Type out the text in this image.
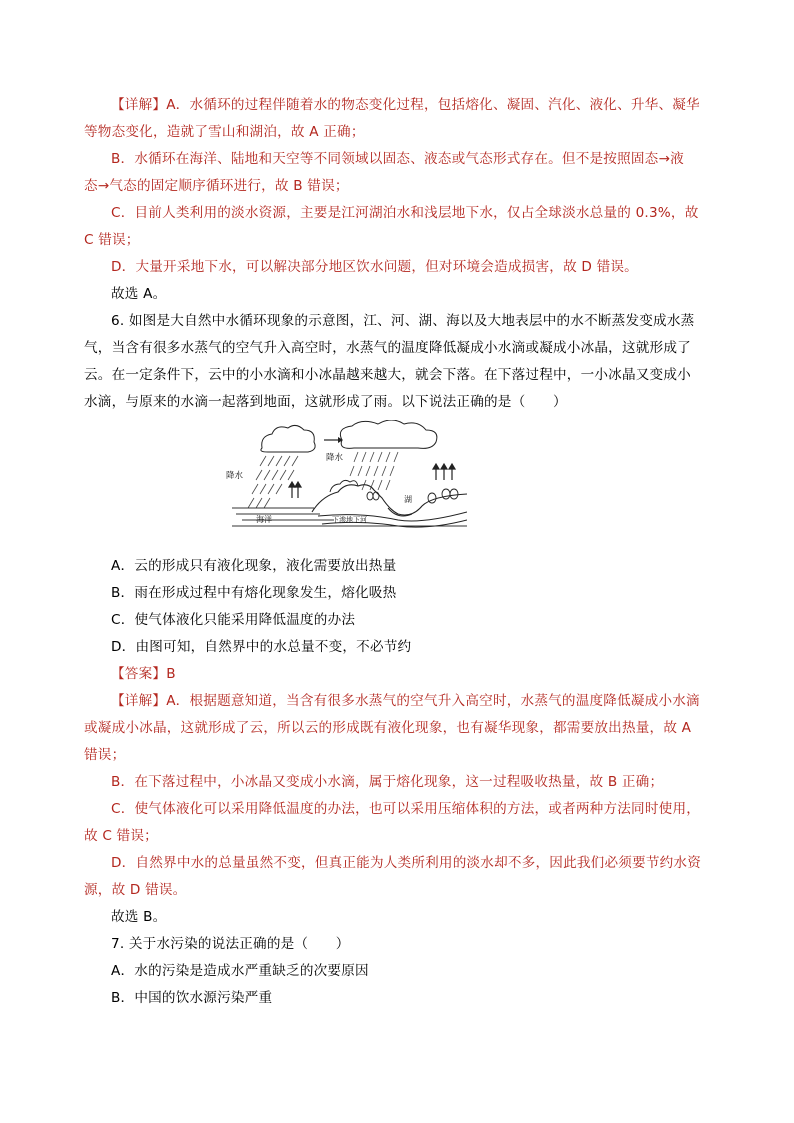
【详解】A．水循环的过程伴随着水的物态变化过程，包括熔化、凝固、汽化、液化、升华、凝华
等物态变化，造就了雪山和湖泊，故 A 正确；
B．水循环在海洋、陆地和天空等不同领域以固态、液态或气态形式存在。但不是按照固态→液
态→气态的固定顺序循环进行，故 B 错误；
C．目前人类利用的淡水资源，主要是江河湖泊水和浅层地下水，仅占全球淡水总量的 0.3%，故
C 错误；
D．大量开采地下水，可以解决部分地区饮水问题，但对环境会造成损害，故 D 错误。
故选 A。
6. 如图是大自然中水循环现象的示意图，江、河、湖、海以及大地表层中的水不断蒸发变成水蒸
气，当含有很多水蒸气的空气升入高空时，水蒸气的温度降低凝成小水滴或凝成小冰晶，这就形成了
云。在一定条件下，云中的小水滴和小冰晶越来越大，就会下落。在下落过程中，一小冰晶又变成小
水滴，与原来的水滴一起落到地面，这就形成了雨。以下说法正确的是（　　）
降水
降水
海洋	下渗地下河
湖
A．云的形成只有液化现象，液化需要放出热量
B．雨在形成过程中有熔化现象发生，熔化吸热
C．使气体液化只能采用降低温度的办法
D．由图可知，自然界中的水总量不变，不必节约
【答案】B
【详解】A．根据题意知道，当含有很多水蒸气的空气升入高空时，水蒸气的温度降低凝成小水滴
或凝成小冰晶，这就形成了云，所以云的形成既有液化现象，也有凝华现象，都需要放出热量，故 A
错误；
B．在下落过程中，小冰晶又变成小水滴，属于熔化现象，这一过程吸收热量，故 B 正确；
C．使气体液化可以采用降低温度的办法，也可以采用压缩体积的方法，或者两种方法同时使用，
故 C 错误；
D．自然界中水的总量虽然不变，但真正能为人类所利用的淡水却不多，因此我们必须要节约水资
源，故 D 错误。
故选 B。
7. 关于水污染的说法正确的是（　　）
A．水的污染是造成水严重缺乏的次要原因
B．中国的饮水源污染严重
